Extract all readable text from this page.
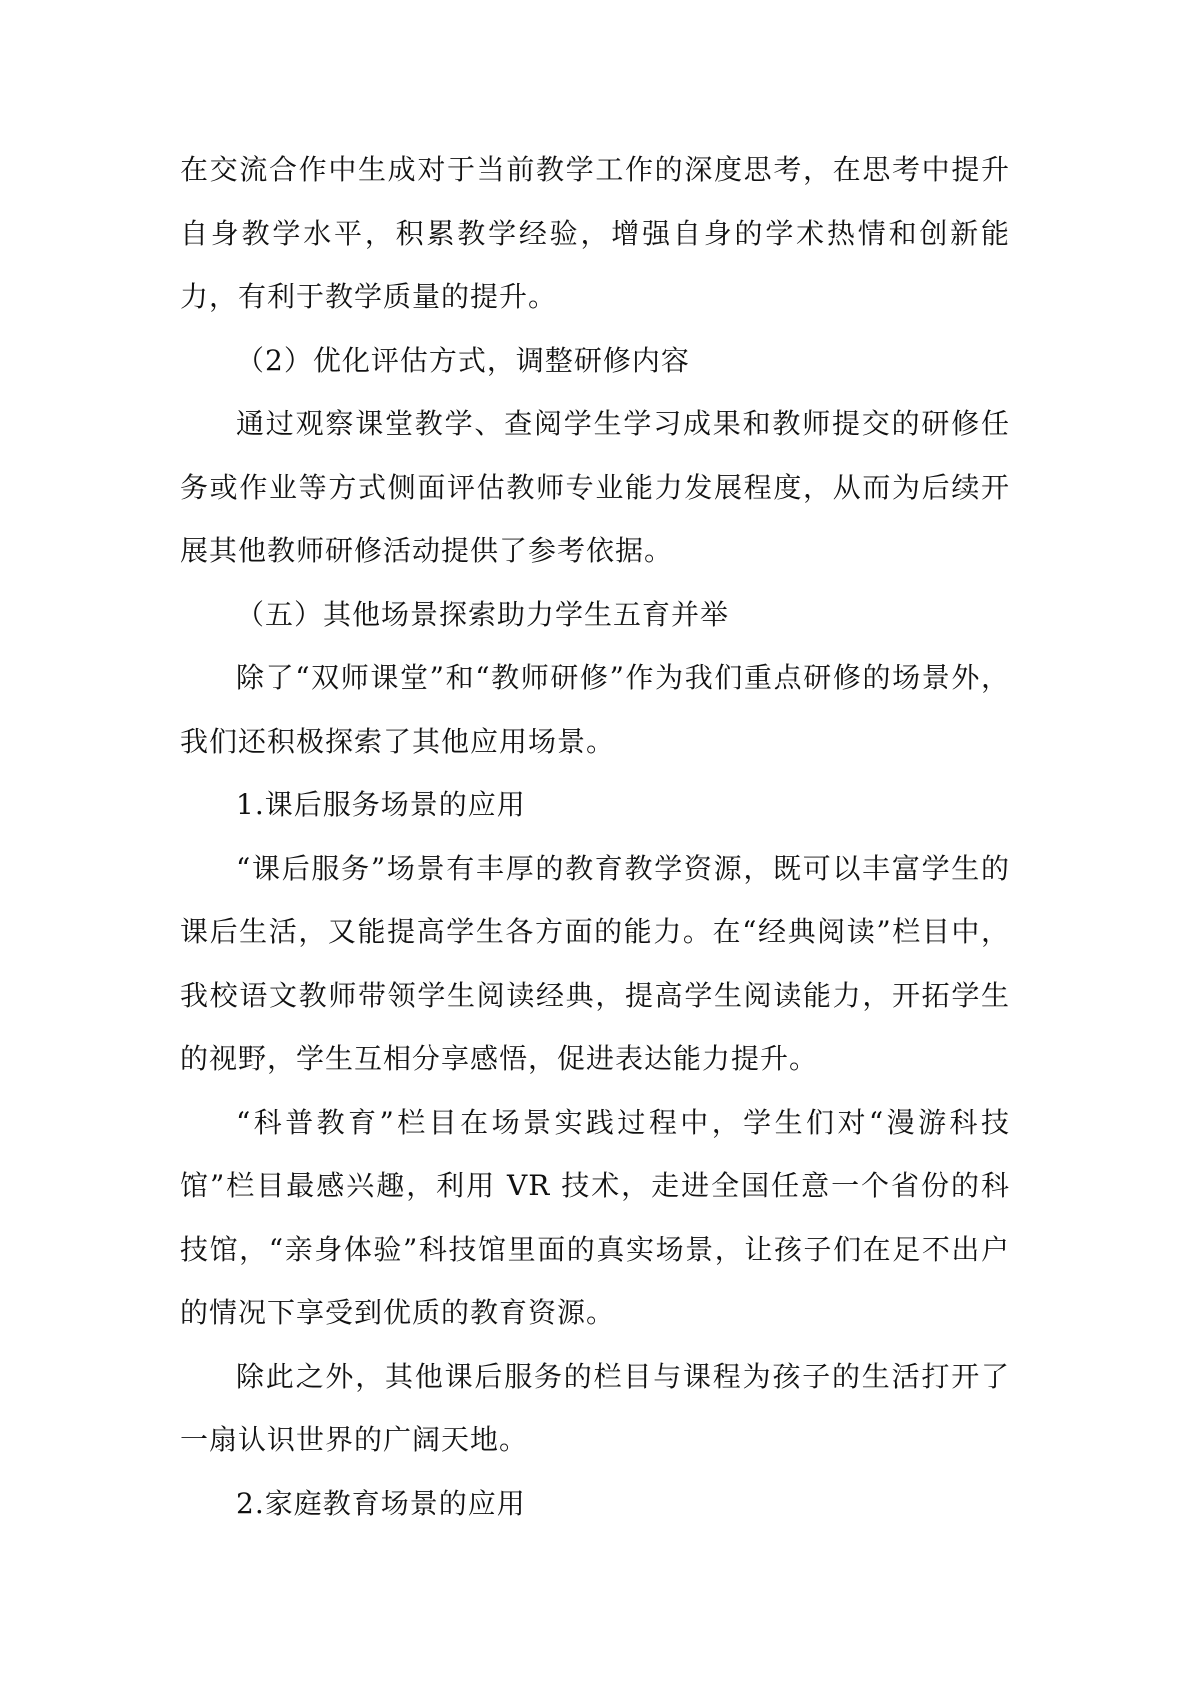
在交流合作中生成对于当前教学工作的深度思考，在思考中提升自身教学水平，积累教学经验，增强自身的学术热情和创新能力，有利于教学质量的提升。

（2）优化评估方式，调整研修内容

通过观察课堂教学、查阅学生学习成果和教师提交的研修任务或作业等方式侧面评估教师专业能力发展程度，从而为后续开展其他教师研修活动提供了参考依据。

（五）其他场景探索助力学生五育并举

除了“双师课堂”和“教师研修”作为我们重点研修的场景外，我们还积极探索了其他应用场景。

1.课后服务场景的应用

“课后服务”场景有丰厚的教育教学资源，既可以丰富学生的课后生活，又能提高学生各方面的能力。在“经典阅读”栏目中，我校语文教师带领学生阅读经典，提高学生阅读能力，开拓学生的视野，学生互相分享感悟，促进表达能力提升。

“科普教育”栏目在场景实践过程中，学生们对“漫游科技馆”栏目最感兴趣，利用 VR 技术，走进全国任意一个省份的科技馆，“亲身体验”科技馆里面的真实场景，让孩子们在足不出户的情况下享受到优质的教育资源。

除此之外，其他课后服务的栏目与课程为孩子的生活打开了一扇认识世界的广阔天地。

2.家庭教育场景的应用
